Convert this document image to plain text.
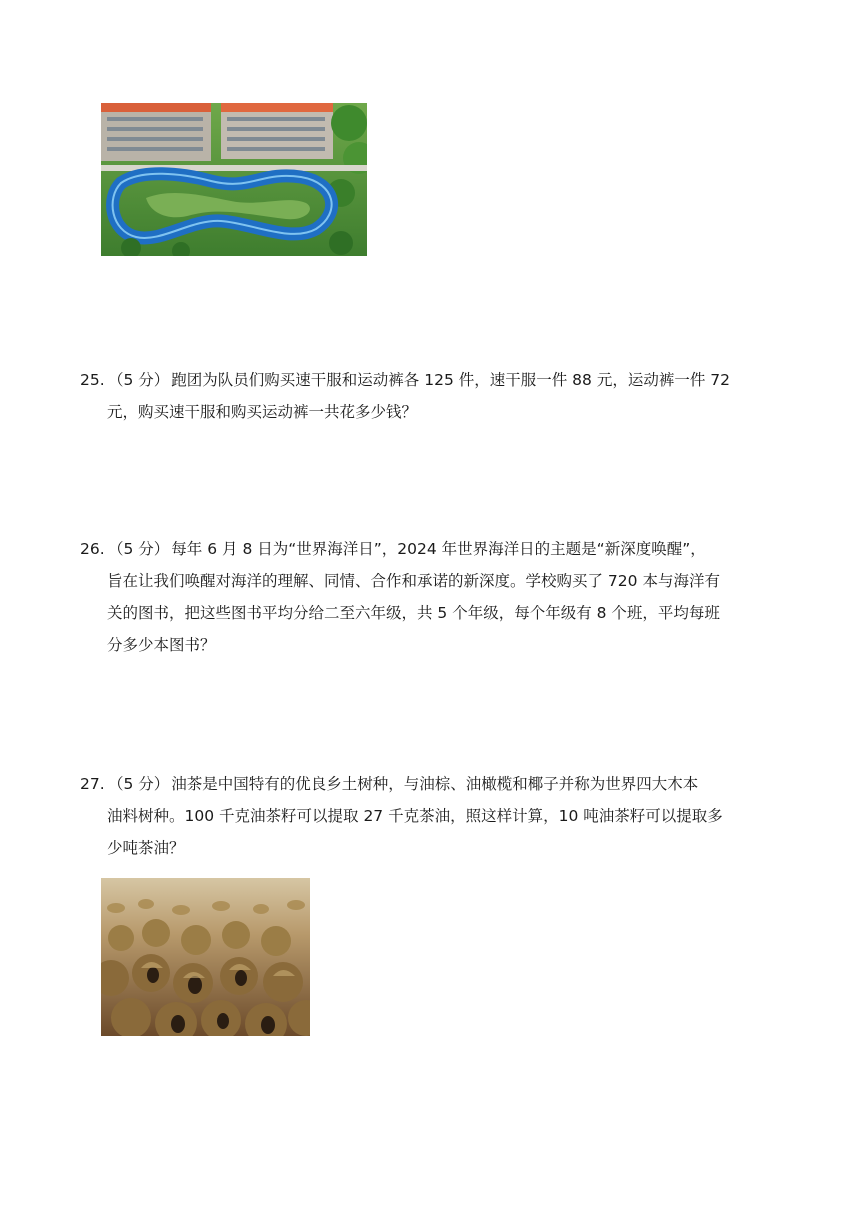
25. （5 分） 跑团为队员们购买速干服和运动裤各 125 件，速干服一件 88 元，运动裤一件 72
元，购买速干服和购买运动裤一共花多少钱？
26. （5 分） 每年 6 月 8 日为“世界海洋日”，2024 年世界海洋日的主题是“新深度唤醒”，
旨在让我们唤醒对海洋的理解、同情、合作和承诺的新深度。学校购买了 720 本与海洋有
关的图书，把这些图书平均分给二至六年级，共 5 个年级，每个年级有 8 个班，平均每班
分多少本图书？
27. （5 分） 油茶是中国特有的优良乡土树种，与油棕、油橄榄和椰子并称为世界四大木本
油料树种。100 千克油茶籽可以提取 27 千克茶油，照这样计算，10 吨油茶籽可以提取多
少吨茶油？
